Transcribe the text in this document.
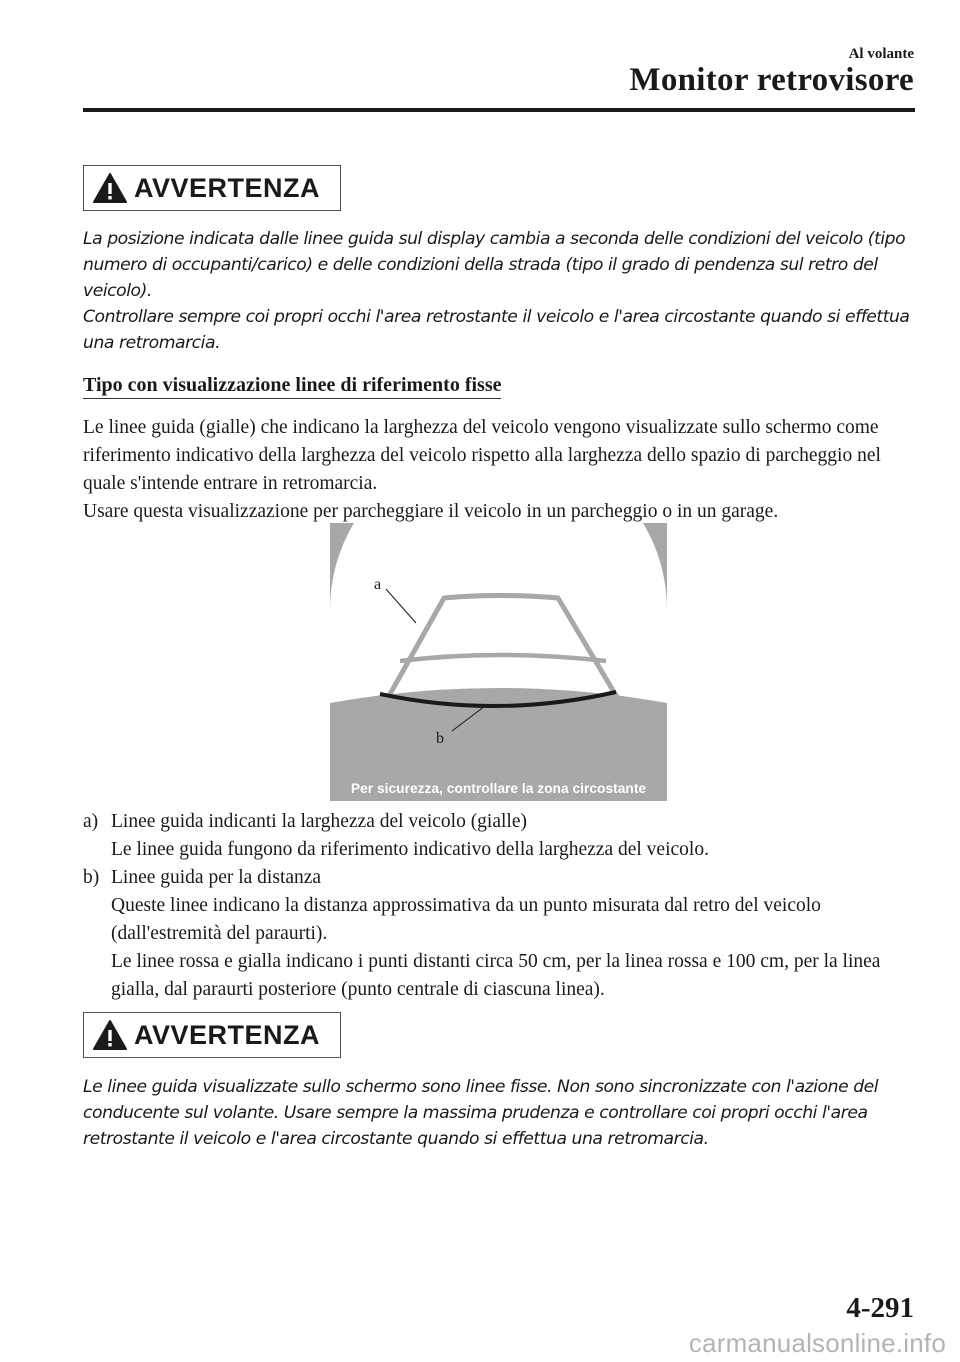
Al volante
Monitor retrovisore
AVVERTENZA

La posizione indicata dalle linee guida sul display cambia a seconda delle condizioni del veicolo (tipo numero di occupanti/carico) e delle condizioni della strada (tipo il grado di pendenza sul retro del veicolo).

Controllare sempre coi propri occhi l'area retrostante il veicolo e l'area circostante quando si effettua una retromarcia.

Tipo con visualizzazione linee di riferimento fisse

Le linee guida (gialle) che indicano la larghezza del veicolo vengono visualizzate sullo schermo come riferimento indicativo della larghezza del veicolo rispetto alla larghezza dello spazio di parcheggio nel quale s'intende entrare in retromarcia.

Usare questa visualizzazione per parcheggiare il veicolo in un parcheggio o in un garage.

a
b
Per sicurezza, controllare la zona circostante
a) Linee guida indicanti la larghezza del veicolo (gialle)

Le linee guida fungono da riferimento indicativo della larghezza del veicolo.

b) Linee guida per la distanza

Queste linee indicano la distanza approssimativa da un punto misurata dal retro del veicolo (dall'estremità del paraurti).

Le linee rossa e gialla indicano i punti distanti circa 50 cm, per la linea rossa e 100 cm, per la linea gialla, dal paraurti posteriore (punto centrale di ciascuna linea).

AVVERTENZA

Le linee guida visualizzate sullo schermo sono linee fisse. Non sono sincronizzate con l'azione del conducente sul volante. Usare sempre la massima prudenza e controllare coi propri occhi l'area retrostante il veicolo e l'area circostante quando si effettua una retromarcia.

4-291
carmanualsonline.info
